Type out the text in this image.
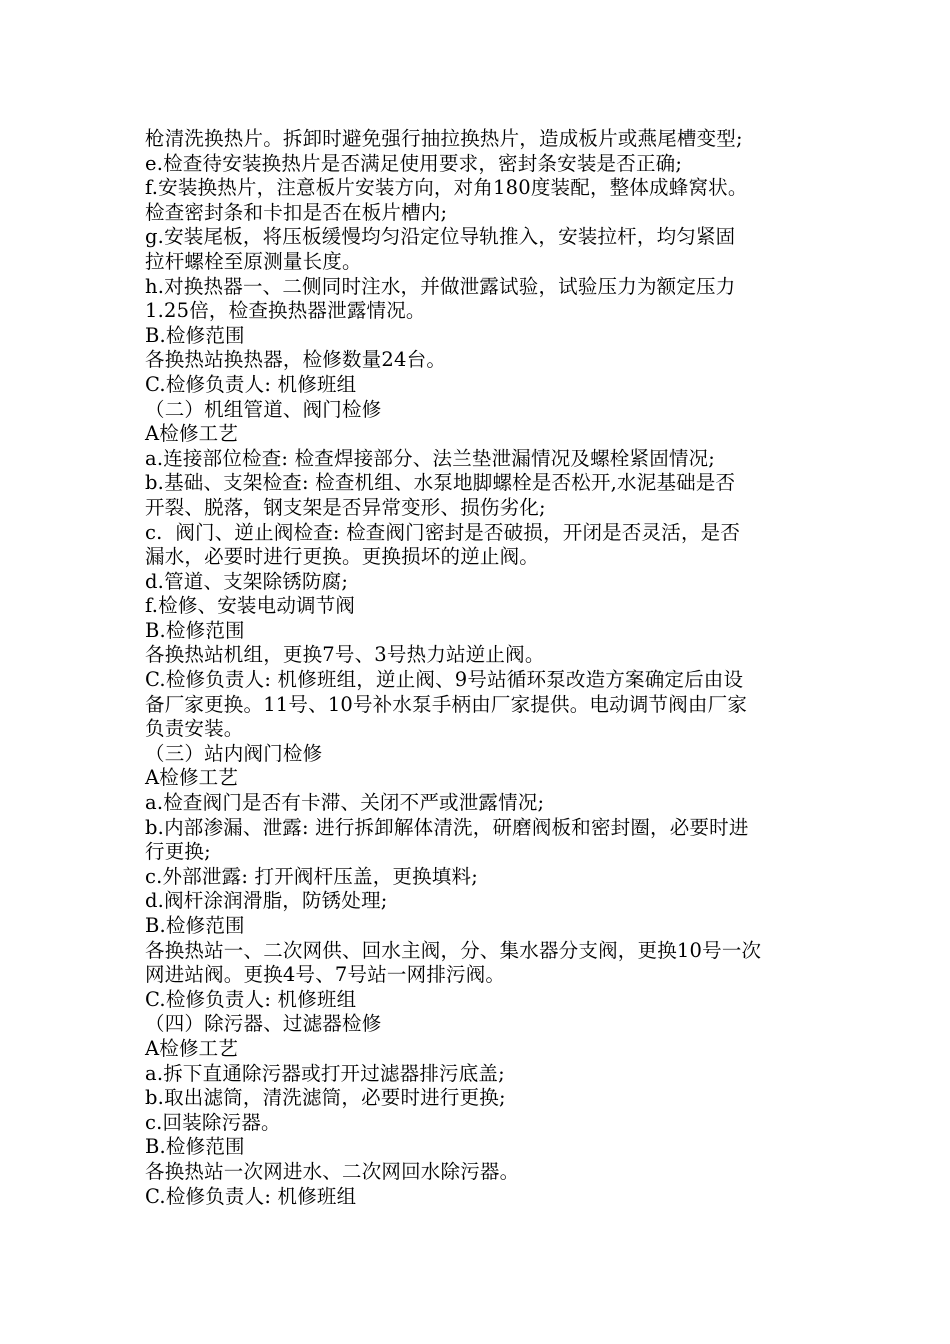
枪清洗换热片。拆卸时避免强行抽拉换热片，造成板片或燕尾槽变型;
e.检查待安装换热片是否满足使用要求，密封条安装是否正确;
f.安装换热片，注意板片安装方向，对角180度装配，整体成蜂窝状。
检查密封条和卡扣是否在板片槽内;
g.安装尾板，将压板缓慢均匀沿定位导轨推入，安装拉杆，均匀紧固
拉杆螺栓至原测量长度。
h.对换热器一、二侧同时注水，并做泄露试验，试验压力为额定压力
1.25倍，检查换热器泄露情况。
B.检修范围
各换热站换热器，检修数量24台。
C.检修负责人: 机修班组
（二）机组管道、阀门检修
A检修工艺
a.连接部位检查: 检查焊接部分、法兰垫泄漏情况及螺栓紧固情况;
b.基础、支架检查: 检查机组、水泵地脚螺栓是否松开,水泥基础是否
开裂、脱落，钢支架是否异常变形、损伤劣化;
c.  阀门、逆止阀检查: 检查阀门密封是否破损，开闭是否灵活，是否
漏水，必要时进行更换。更换损坏的逆止阀。
d.管道、支架除锈防腐;
f.检修、安装电动调节阀
B.检修范围
各换热站机组，更换7号、3号热力站逆止阀。
C.检修负责人: 机修班组，逆止阀、9号站循环泵改造方案确定后由设
备厂家更换。11号、10号补水泵手柄由厂家提供。电动调节阀由厂家
负责安装。
（三）站内阀门检修
A检修工艺
a.检查阀门是否有卡滞、关闭不严或泄露情况;
b.内部渗漏、泄露: 进行拆卸解体清洗，研磨阀板和密封圈，必要时进
行更换;
c.外部泄露: 打开阀杆压盖，更换填料;
d.阀杆涂润滑脂，防锈处理;
B.检修范围
各换热站一、二次网供、回水主阀，分、集水器分支阀，更换10号一次
网进站阀。更换4号、7号站一网排污阀。
C.检修负责人: 机修班组
（四）除污器、过滤器检修
A检修工艺
a.拆下直通除污器或打开过滤器排污底盖;
b.取出滤筒，清洗滤筒，必要时进行更换;
c.回装除污器。
B.检修范围
各换热站一次网进水、二次网回水除污器。
C.检修负责人: 机修班组
